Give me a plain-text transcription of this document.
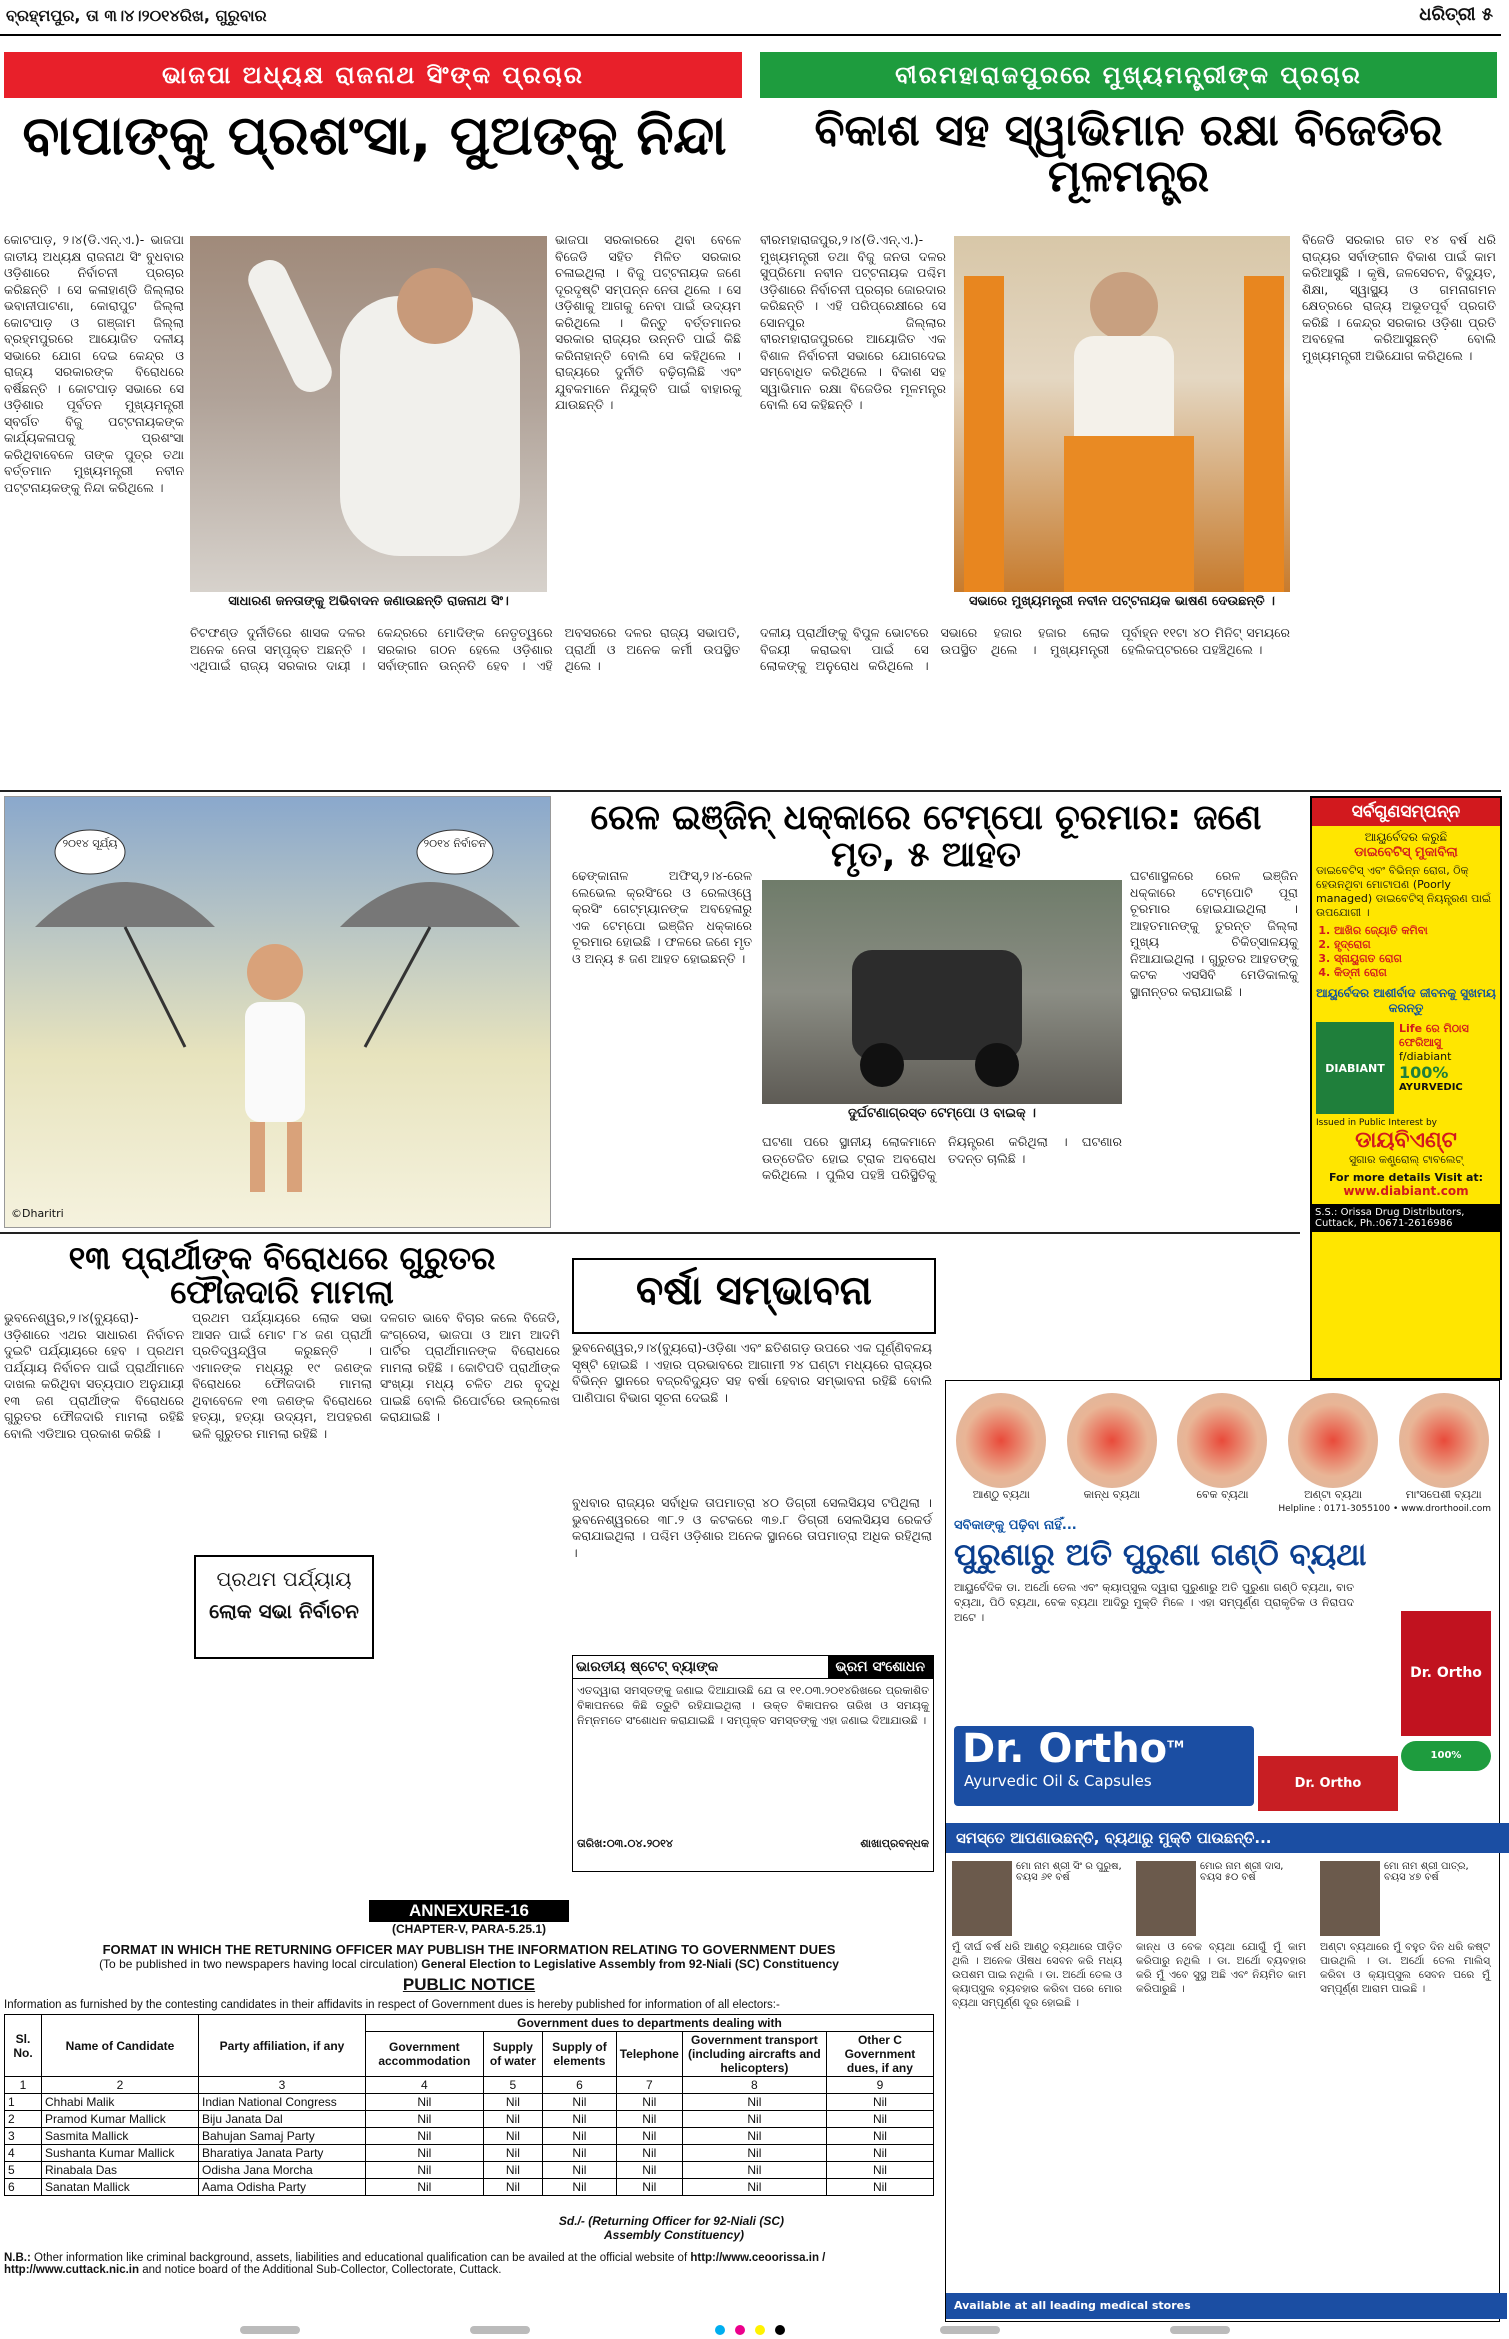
ବ୍ରହ୍ମପୁର, ତା ୩।୪।୨୦୧୪ରିଖ, ଗୁରୁବାର	ଧରିତ୍ରୀ ୫
ଭାଜପା ଅଧ୍ୟକ୍ଷ ରାଜନାଥ ସିଂଙ୍କ ପ୍ରଚାର
ବାପାଙ୍କୁ ପ୍ରଶଂସା, ପୁଅଙ୍କୁ ନିନ୍ଦା
କୋଟପାଡ଼, ୨।୪(ଡି.ଏନ୍.ଏ.)- ଭାଜପା ଜାତୀୟ ଅଧ୍ୟକ୍ଷ ରାଜନାଥ ସିଂ ବୁଧବାର ଓଡ଼ିଶାରେ ନିର୍ବାଚନୀ ପ୍ରଚାର କରିଛନ୍ତି । ସେ କଳାହାଣ୍ଡି ଜିଲ୍ଲାର ଭବାନୀପାଟଣା, କୋରାପୁଟ ଜିଲ୍ଲା କୋଟପାଡ଼ ଓ ଗଞ୍ଜାମ ଜିଲ୍ଲା ବ୍ରହ୍ମପୁରରେ ଆୟୋଜିତ ଦଳୀୟ ସଭାରେ ଯୋଗ ଦେଇ କେନ୍ଦ୍ର ଓ ରାଜ୍ୟ ସରକାରଙ୍କ ବିରୋଧରେ ବର୍ଷିଛନ୍ତି । କୋଟପାଡ଼ ସଭାରେ ସେ ଓଡ଼ିଶାର ପୂର୍ବତନ ମୁଖ୍ୟମନ୍ତ୍ରୀ ସ୍ବର୍ଗତ ବିଜୁ ପଟ୍ଟନାୟକଙ୍କ କାର୍ଯ୍ୟକଳାପକୁ ପ୍ରଶଂସା କରିଥିବାବେଳେ ତାଙ୍କ ପୁତ୍ର ତଥା ବର୍ତ୍ତମାନ ମୁଖ୍ୟମନ୍ତ୍ରୀ ନବୀନ ପଟ୍ଟନାୟକଙ୍କୁ ନିନ୍ଦା କରିଥିଲେ ।
ସାଧାରଣ ଜନତାଙ୍କୁ ଅଭିବାଦନ ଜଣାଉଛନ୍ତି ରାଜନାଥ ସିଂ।
ଭାଜପା ସରକାରରେ ଥିବା ବେଳେ ବିଜେଡି ସହିତ ମିଳିତ ସରକାର ଚଳାଇଥିଲା । ବିଜୁ ପଟ୍ଟନାୟକ ଜଣେ ଦୂରଦୃଷ୍ଟି ସମ୍ପନ୍ନ ନେତା ଥିଲେ । ସେ ଓଡ଼ିଶାକୁ ଆଗକୁ ନେବା ପାଇଁ ଉଦ୍ୟମ କରିଥିଲେ । କିନ୍ତୁ ବର୍ତ୍ତମାନର ସରକାର ରାଜ୍ୟର ଉନ୍ନତି ପାଇଁ କିଛି କରିନାହାନ୍ତି ବୋଲି ସେ କହିଥିଲେ । ରାଜ୍ୟରେ ଦୁର୍ନୀତି ବଢ଼ିଚାଲିଛି ଏବଂ ଯୁବକମାନେ ନିଯୁକ୍ତି ପାଇଁ ବାହାରକୁ ଯାଉଛନ୍ତି ।
ଚିଟଫଣ୍ଡ ଦୁର୍ନୀତିରେ ଶାସକ ଦଳର ଅନେକ ନେତା ସମ୍ପୃକ୍ତ ଅଛନ୍ତି । ଏଥିପାଇଁ ରାଜ୍ୟ ସରକାର ଦାୟୀ । କେନ୍ଦ୍ରରେ ମୋଦିଙ୍କ ନେତୃତ୍ୱରେ ସରକାର ଗଠନ ହେଲେ ଓଡ଼ିଶାର ସର୍ବାଙ୍ଗୀନ ଉନ୍ନତି ହେବ । ଏହି ଅବସରରେ ଦଳର ରାଜ୍ୟ ସଭାପତି, ପ୍ରାର୍ଥୀ ଓ ଅନେକ କର୍ମୀ ଉପସ୍ଥିତ ଥିଲେ ।
ବୀରମହାରାଜପୁରରେ ମୁଖ୍ୟମନ୍ତ୍ରୀଙ୍କ ପ୍ରଚାର
ବିକାଶ ସହ ସ୍ୱାଭିମାନ ରକ୍ଷା ବିଜେଡିର ମୂଳମନ୍ତ୍ର
ବୀରମହାରାଜପୁର,୨।୪(ଡି.ଏନ୍.ଏ.)- ମୁଖ୍ୟମନ୍ତ୍ରୀ ତଥା ବିଜୁ ଜନତା ଦଳର ସୁପ୍ରିମୋ ନବୀନ ପଟ୍ଟନାୟକ ପଶ୍ଚିମ ଓଡ଼ିଶାରେ ନିର୍ବାଚନୀ ପ୍ରଚାର ଜୋରଦାର କରିଛନ୍ତି । ଏହି ପରିପ୍ରେକ୍ଷୀରେ ସେ ସୋନପୁର ଜିଲ୍ଲାର ବୀରମହାରାଜପୁରରେ ଆୟୋଜିତ ଏକ ବିଶାଳ ନିର୍ବାଚନୀ ସଭାରେ ଯୋଗଦେଇ ସମ୍ବୋଧିତ କରିଥିଲେ । ବିକାଶ ସହ ସ୍ୱାଭିମାନ ରକ୍ଷା ବିଜେଡିର ମୂଳମନ୍ତ୍ର ବୋଲି ସେ କହିଛନ୍ତି ।
ସଭାରେ ମୁଖ୍ୟମନ୍ତ୍ରୀ ନବୀନ ପଟ୍ଟନାୟକ ଭାଷଣ ଦେଉଛନ୍ତି ।
ବିଜେଡି ସରକାର ଗତ ୧୪ ବର୍ଷ ଧରି ରାଜ୍ୟର ସର୍ବାଙ୍ଗୀନ ବିକାଶ ପାଇଁ କାମ କରିଆସୁଛି । କୃଷି, ଜଳସେଚନ, ବିଦ୍ୟୁତ, ଶିକ୍ଷା, ସ୍ୱାସ୍ଥ୍ୟ ଓ ଗମନାଗମନ କ୍ଷେତ୍ରରେ ରାଜ୍ୟ ଅଭୂତପୂର୍ବ ପ୍ରଗତି କରିଛି । କେନ୍ଦ୍ର ସରକାର ଓଡ଼ିଶା ପ୍ରତି ଅବହେଳା କରିଆସୁଛନ୍ତି ବୋଲି ମୁଖ୍ୟମନ୍ତ୍ରୀ ଅଭିଯୋଗ କରିଥିଲେ ।
ଦଳୀୟ ପ୍ରାର୍ଥୀଙ୍କୁ ବିପୁଳ ଭୋଟରେ ବିଜୟୀ କରାଇବା ପାଇଁ ସେ ଲୋକଙ୍କୁ ଅନୁରୋଧ କରିଥିଲେ । ସଭାରେ ହଜାର ହଜାର ଲୋକ ଉପସ୍ଥିତ ଥିଲେ । ମୁଖ୍ୟମନ୍ତ୍ରୀ ପୂର୍ବାହ୍ନ ୧୧ଟା ୪୦ ମିନିଟ୍ ସମୟରେ ହେଲିକପ୍ଟରରେ ପହଞ୍ଚିଥିଲେ ।
୨୦୧୪ ସୂର୍ଯ୍ୟ	୨୦୧୪ ନିର୍ବାଚନ
©Dharitri
ରେଳ ଇଞ୍ଜିନ୍ ଧକ୍କାରେ ଟେମ୍ପୋ ଚୂରମାର: ଜଣେ ମୃତ, ୫ ଆହତ
ଢେଙ୍କାନାଳ ଅଫିସ୍,୨।୪-ରେଳ ଲେଭେଲ କ୍ରସିଂରେ ଓ ରେଲଓ୍ୱେ କ୍ରସିଂ ଗେଟ୍‌ମ୍ୟାନଙ୍କ ଅବହେଳାରୁ ଏକ ଟେମ୍ପୋ ଇଞ୍ଜିନ ଧକ୍କାରେ ଚୂରମାର ହୋଇଛି । ଫଳରେ ଜଣେ ମୃତ ଓ ଅନ୍ୟ ୫ ଜଣ ଆହତ ହୋଇଛନ୍ତି ।
ଦୁର୍ଘଟଣାଗ୍ରସ୍ତ ଟେମ୍ପୋ ଓ ବାଇକ୍ ।
ଘଟଣାସ୍ଥଳରେ ରେଳ ଇଞ୍ଜିନ ଧକ୍କାରେ ଟେମ୍ପୋଟି ପୂରା ଚୂରମାର ହୋଇଯାଇଥିଲା । ଆହତମାନଙ୍କୁ ତୁରନ୍ତ ଜିଲ୍ଲା ମୁଖ୍ୟ ଚିକିତ୍ସାଳୟକୁ ନିଆଯାଇଥିଲା । ଗୁରୁତର ଆହତଙ୍କୁ କଟକ ଏସସିବି ମେଡିକାଲକୁ ସ୍ଥାନାନ୍ତର କରାଯାଇଛି ।
ଘଟଣା ପରେ ସ୍ଥାନୀୟ ଲୋକମାନେ ଉତ୍ତେଜିତ ହୋଇ ଟ୍ରାକ ଅବରୋଧ କରିଥିଲେ । ପୁଲିସ ପହଞ୍ଚି ପରିସ୍ଥିତିକୁ ନିୟନ୍ତ୍ରଣ କରିଥିଲା । ଘଟଣାର ତଦନ୍ତ ଚାଲିଛି ।
ସର୍ବଗୁଣସମ୍ପନ୍ନ
ଆୟୁର୍ବେଦର କରୁଛି
ଡାଇବେଟିସ୍ ମୁକାବିଲା
ଡାଇବେଟିସ୍ ଏବଂ ବିଭିନ୍ନ ରୋଗ, ଠିକ୍ ହେଉନଥିବା ମୋଟାପଣ (Poorly managed) ଡାଇବେଟିସ୍ ନିୟନ୍ତ୍ରଣ ପାଇଁ ଉପଯୋଗୀ ।
1. ଆଖିର ଜ୍ୟୋତି କମିବା
2. ହୃଦ୍‌ରୋଗ
3. ସ୍ନାୟୁଗତ ରୋଗ
4. କିଡ୍‌ନୀ ରୋଗ
ଆୟୁର୍ବେଦର ଆଶୀର୍ବାଦ ଜୀବନକୁ ସୁଖମୟ କରନ୍ତୁ
DIABIANT
Life ରେ ମିଠାସ ଫେରିଆସୁ
f/diabiant
100%
AYURVEDIC
Issued in Public Interest by
ଡାୟବିଏଣ୍ଟ
ସୁଗାର କଣ୍ଟ୍ରୋଲ୍ ଟାବଲେଟ୍
For more details Visit at:
www.diabiant.com
S.S.: Orissa Drug Distributors,
Cuttack, Ph.:0671-2616986
୧୩ ପ୍ରାର୍ଥୀଙ୍କ ବିରୋଧରେ ଗୁରୁତର ଫୌଜଦାରି ମାମଲା
ଭୁବନେଶ୍ୱର,୨।୪(ବ୍ୟୁରୋ)- ଓଡ଼ିଶାରେ ଏଥର ସାଧାରଣ ନିର୍ବାଚନ ଦୁଇଟି ପର୍ଯ୍ୟାୟରେ ହେବ । ପ୍ରଥମ ପର୍ଯ୍ୟାୟ ନିର୍ବାଚନ ପାଇଁ ପ୍ରାର୍ଥୀମାନେ ଦାଖଲ କରିଥିବା ସତ୍ୟପାଠ ଅନୁଯାୟୀ ୧୩ ଜଣ ପ୍ରାର୍ଥୀଙ୍କ ବିରୋଧରେ ଗୁରୁତର ଫୌଜଦାରି ମାମଲା ରହିଛି ବୋଲି ଏଡିଆର ପ୍ରକାଶ କରିଛି ।
ପ୍ରଥମ ପର୍ଯ୍ୟାୟରେ ଲୋକ ସଭା ଆସନ ପାଇଁ ମୋଟ ୮୪ ଜଣ ପ୍ରାର୍ଥୀ ପ୍ରତିଦ୍ୱନ୍ଦ୍ୱିତା କରୁଛନ୍ତି । ଏମାନଙ୍କ ମଧ୍ୟରୁ ୧୯ ଜଣଙ୍କ ବିରୋଧରେ ଫୌଜଦାରି ମାମଲା ଥିବାବେଳେ ୧୩ ଜଣଙ୍କ ବିରୋଧରେ ହତ୍ୟା, ହତ୍ୟା ଉଦ୍ୟମ, ଅପହରଣ ଭଳି ଗୁରୁତର ମାମଲା ରହିଛି ।
ପ୍ରଥମ ପର୍ଯ୍ୟାୟ
ଲୋକ ସଭା ନିର୍ବାଚନ
ଦଳଗତ ଭାବେ ବିଚାର କଲେ ବିଜେଡି, କଂଗ୍ରେସ, ଭାଜପା ଓ ଆମ ଆଦମି ପାର୍ଟିର ପ୍ରାର୍ଥୀମାନଙ୍କ ବିରୋଧରେ ମାମଲା ରହିଛି । କୋଟିପତି ପ୍ରାର୍ଥୀଙ୍କ ସଂଖ୍ୟା ମଧ୍ୟ ଚଳିତ ଥର ବୃଦ୍ଧି ପାଇଛି ବୋଲି ରିପୋର୍ଟରେ ଉଲ୍ଲେଖ କରାଯାଇଛି ।
ବର୍ଷା ସମ୍ଭାବନା
ଭୁବନେଶ୍ୱର,୨।୪(ବ୍ୟୁରୋ)-ଓଡ଼ିଶା ଏବଂ ଛତିଶଗଡ଼ ଉପରେ ଏକ ଘୂର୍ଣ୍ଣିବଳୟ ସୃଷ୍ଟି ହୋଇଛି । ଏହାର ପ୍ରଭାବରେ ଆଗାମୀ ୨୪ ଘଣ୍ଟା ମଧ୍ୟରେ ରାଜ୍ୟର ବିଭିନ୍ନ ସ୍ଥାନରେ ବଜ୍ରବିଦ୍ୟୁତ ସହ ବର୍ଷା ହେବାର ସମ୍ଭାବନା ରହିଛି ବୋଲି ପାଣିପାଗ ବିଭାଗ ସୂଚନା ଦେଇଛି ।
ବୁଧବାର ରାଜ୍ୟର ସର୍ବାଧିକ ତାପମାତ୍ରା ୪୦ ଡିଗ୍ରୀ ସେଲସିୟସ ଟପିଥିଲା । ଭୁବନେଶ୍ୱରରେ ୩୮.୨ ଓ କଟକରେ ୩୭.୮ ଡିଗ୍ରୀ ସେଲସିୟସ ରେକର୍ଡ କରାଯାଇଥିଲା । ପଶ୍ଚିମ ଓଡ଼ିଶାର ଅନେକ ସ୍ଥାନରେ ତାପମାତ୍ରା ଅଧିକ ରହିଥିଲା ।
ଭାରତୀୟ ଷ୍ଟେଟ୍ ବ୍ୟାଙ୍କ	ଭ୍ରମ ସଂଶୋଧନ
ଏତଦ୍ୱାରା ସମସ୍ତଙ୍କୁ ଜଣାଇ ଦିଆଯାଉଛି ଯେ ତା ୧୧.୦୩.୨୦୧୪ରିଖରେ ପ୍ରକାଶିତ ବିଜ୍ଞାପନରେ କିଛି ତ୍ରୁଟି ରହିଯାଇଥିଲା । ଉକ୍ତ ବିଜ୍ଞାପନର ତାରିଖ ଓ ସମୟକୁ ନିମ୍ନମତେ ସଂଶୋଧନ କରାଯାଇଛି । ସମ୍ପୃକ୍ତ ସମସ୍ତଙ୍କୁ ଏହା ଜଣାଇ ଦିଆଯାଉଛି ।
ତାରିଖ:୦୩.୦୪.୨୦୧୪	ଶାଖାପ୍ରବନ୍ଧକ
ଆଣ୍ଠୁ ବ୍ୟଥା	କାନ୍ଧ ବ୍ୟଥା	ବେକ ବ୍ୟଥା	ଅଣ୍ଟା ବ୍ୟଥା	ମାଂସପେଶୀ ବ୍ୟଥା
Helpline : 0171-3055100 • www.drorthooil.com
ସବିକାଙ୍କୁ ପଢ଼ିବା ନାହିଁ...
ପୁରୁଣାରୁ ଅତି ପୁରୁଣା ଗଣ୍ଠି ବ୍ୟଥା
ଆୟୁର୍ବେଦିକ ଡା. ଅର୍ଥୋ ତେଲ ଏବଂ କ୍ୟାପ୍‌ସୁଲ ଦ୍ୱାରା ପୁରୁଣାରୁ ଅତି ପୁରୁଣା ଗଣ୍ଠି ବ୍ୟଥା, ବାତ ବ୍ୟଥା, ପିଠି ବ୍ୟଥା, ବେକ ବ୍ୟଥା ଆଦିରୁ ମୁକ୍ତି ମିଳେ । ଏହା ସମ୍ପୂର୍ଣ୍ଣ ପ୍ରାକୃତିକ ଓ ନିରାପଦ ଅଟେ ।
Dr. Ortho
Dr. Ortho™
Ayurvedic Oil & Capsules	Dr. Ortho
100% AYURVEDIC
ସମସ୍ତେ ଆପଣାଉଛନ୍ତି, ବ୍ୟଥାରୁ ମୁକ୍ତି ପାଉଛନ୍ତି...
ମୋ ନାମ ଶ୍ରୀ ସିଂ ର ପୁରୁଷ, ବୟସ ୬୧ ବର୍ଷ
ମୁଁ ଦୀର୍ଘ ବର୍ଷ ଧରି ଆଣ୍ଠୁ ବ୍ୟଥାରେ ପୀଡ଼ିତ ଥିଲି । ଅନେକ ଔଷଧ ସେବନ କରି ମଧ୍ୟ ଉପଶମ ପାଇ ନଥିଲି । ଡା. ଅର୍ଥୋ ତେଲ ଓ କ୍ୟାପ୍‌ସୁଲ ବ୍ୟବହାର କରିବା ପରେ ମୋର ବ୍ୟଥା ସମ୍ପୂର୍ଣ୍ଣ ଦୂର ହୋଇଛି ।
ମୋର ନାମ ଶ୍ରୀ ଦାସ, ବୟସ ୫୦ ବର୍ଷ
କାନ୍ଧ ଓ ବେକ ବ୍ୟଥା ଯୋଗୁଁ ମୁଁ କାମ କରିପାରୁ ନଥିଲି । ଡା. ଅର୍ଥୋ ବ୍ୟବହାର କରି ମୁଁ ଏବେ ସୁସ୍ଥ ଅଛି ଏବଂ ନିୟମିତ କାମ କରିପାରୁଛି ।
ମୋ ନାମ ଶ୍ରୀ ପାତ୍ର, ବୟସ ୪୭ ବର୍ଷ
ଅଣ୍ଟା ବ୍ୟଥାରେ ମୁଁ ବହୁତ ଦିନ ଧରି କଷ୍ଟ ପାଉଥିଲି । ଡା. ଅର୍ଥୋ ତେଲ ମାଲିସ୍ କରିବା ଓ କ୍ୟାପ୍‌ସୁଲ ସେବନ ପରେ ମୁଁ ସମ୍ପୂର୍ଣ୍ଣ ଆରାମ ପାଇଛି ।
Available at all leading medical stores
ANNEXURE-16
(CHAPTER-V, PARA-5.25.1)
FORMAT IN WHICH THE RETURNING OFFICER MAY PUBLISH THE INFORMATION RELATING TO GOVERNMENT DUES
(To be published in two newspapers having local circulation) General Election to Legislative Assembly from 92-Niali (SC) Constituency
PUBLIC NOTICE
Information as furnished by the contesting candidates in their affidavits in respect of Government dues is hereby published for information of all electors:-
Sl. No.	Name of Candidate	Party affiliation, if any	Government dues to departments dealing with					
			Government accommodation	Supply of water	Supply of elements	Telephone	Government transport (including aircrafts and helicopters)	Other C Government dues, if any
1	2	3	4	5	6	7	8	9
1	Chhabi Malik	Indian National Congress	Nil	Nil	Nil	Nil	Nil	Nil
2	Pramod Kumar Mallick	Biju Janata Dal	Nil	Nil	Nil	Nil	Nil	Nil
3	Sasmita Mallick	Bahujan Samaj Party	Nil	Nil	Nil	Nil	Nil	Nil
4	Sushanta Kumar Mallick	Bharatiya Janata Party	Nil	Nil	Nil	Nil	Nil	Nil
5	Rinabala Das	Odisha Jana Morcha	Nil	Nil	Nil	Nil	Nil	Nil
6	Sanatan Mallick	Aama Odisha Party	Nil	Nil	Nil	Nil	Nil	Nil
Sd./- (Returning Officer for 92-Niali (SC)
Assembly Constituency)
N.B.: Other information like criminal background, assets, liabilities and educational qualification can be availed at the official website of http://www.ceoorissa.in / http://www.cuttack.nic.in and notice board of the Additional Sub-Collector, Collectorate, Cuttack.
